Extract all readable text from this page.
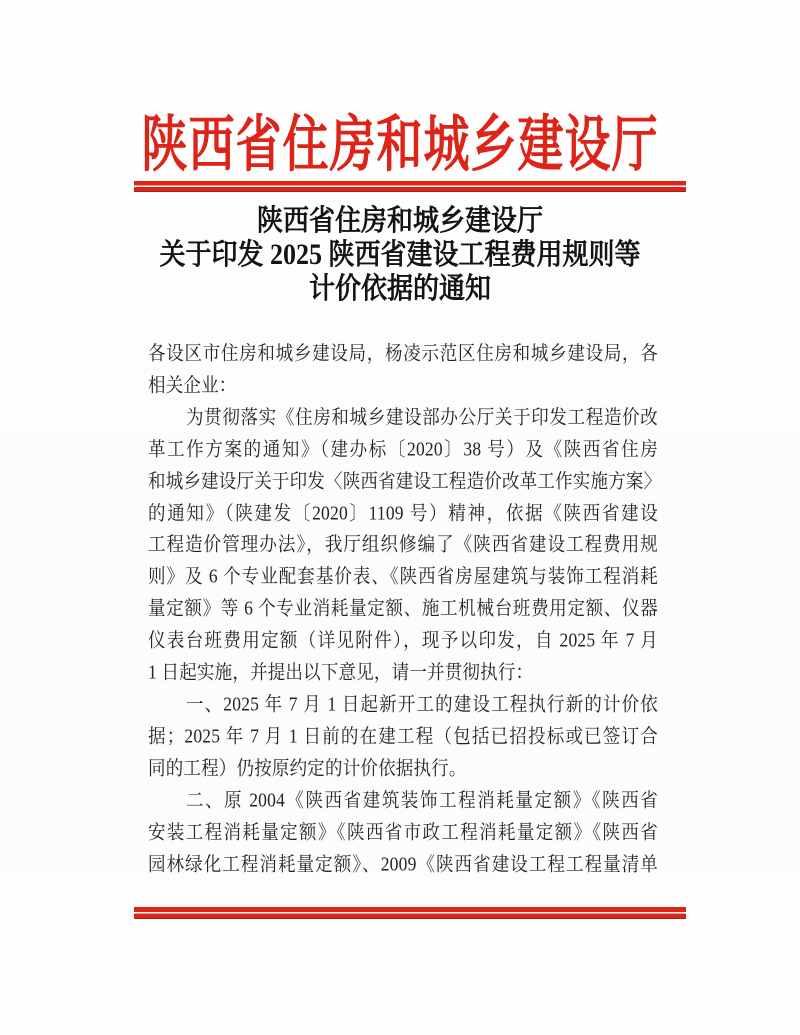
陕西省住房和城乡建设厅
陕西省住房和城乡建设厅
关于印发 2025 陕西省建设工程费用规则等
计价依据的通知
各设区市住房和城乡建设局，杨凌示范区住房和城乡建设局，各
相关企业：
为贯彻落实《住房和城乡建设部办公厅关于印发工程造价改
革工作方案的通知》（建办标〔2020〕38 号）及《陕西省住房
和城乡建设厅关于印发〈陕西省建设工程造价改革工作实施方案〉
的通知》（陕建发〔2020〕1109 号）精神，依据《陕西省建设
工程造价管理办法》，我厅组织修编了《陕西省建设工程费用规
则》及 6 个专业配套基价表、《陕西省房屋建筑与装饰工程消耗
量定额》等 6 个专业消耗量定额、施工机械台班费用定额、仪器
仪表台班费用定额（详见附件），现予以印发，自 2025 年 7 月
1 日起实施，并提出以下意见，请一并贯彻执行：
一、2025 年 7 月 1 日起新开工的建设工程执行新的计价依
据；2025 年 7 月 1 日前的在建工程（包括已招投标或已签订合
同的工程）仍按原约定的计价依据执行。
二、原 2004《陕西省建筑装饰工程消耗量定额》《陕西省
安装工程消耗量定额》《陕西省市政工程消耗量定额》《陕西省
园林绿化工程消耗量定额》、2009《陕西省建设工程工程量清单
